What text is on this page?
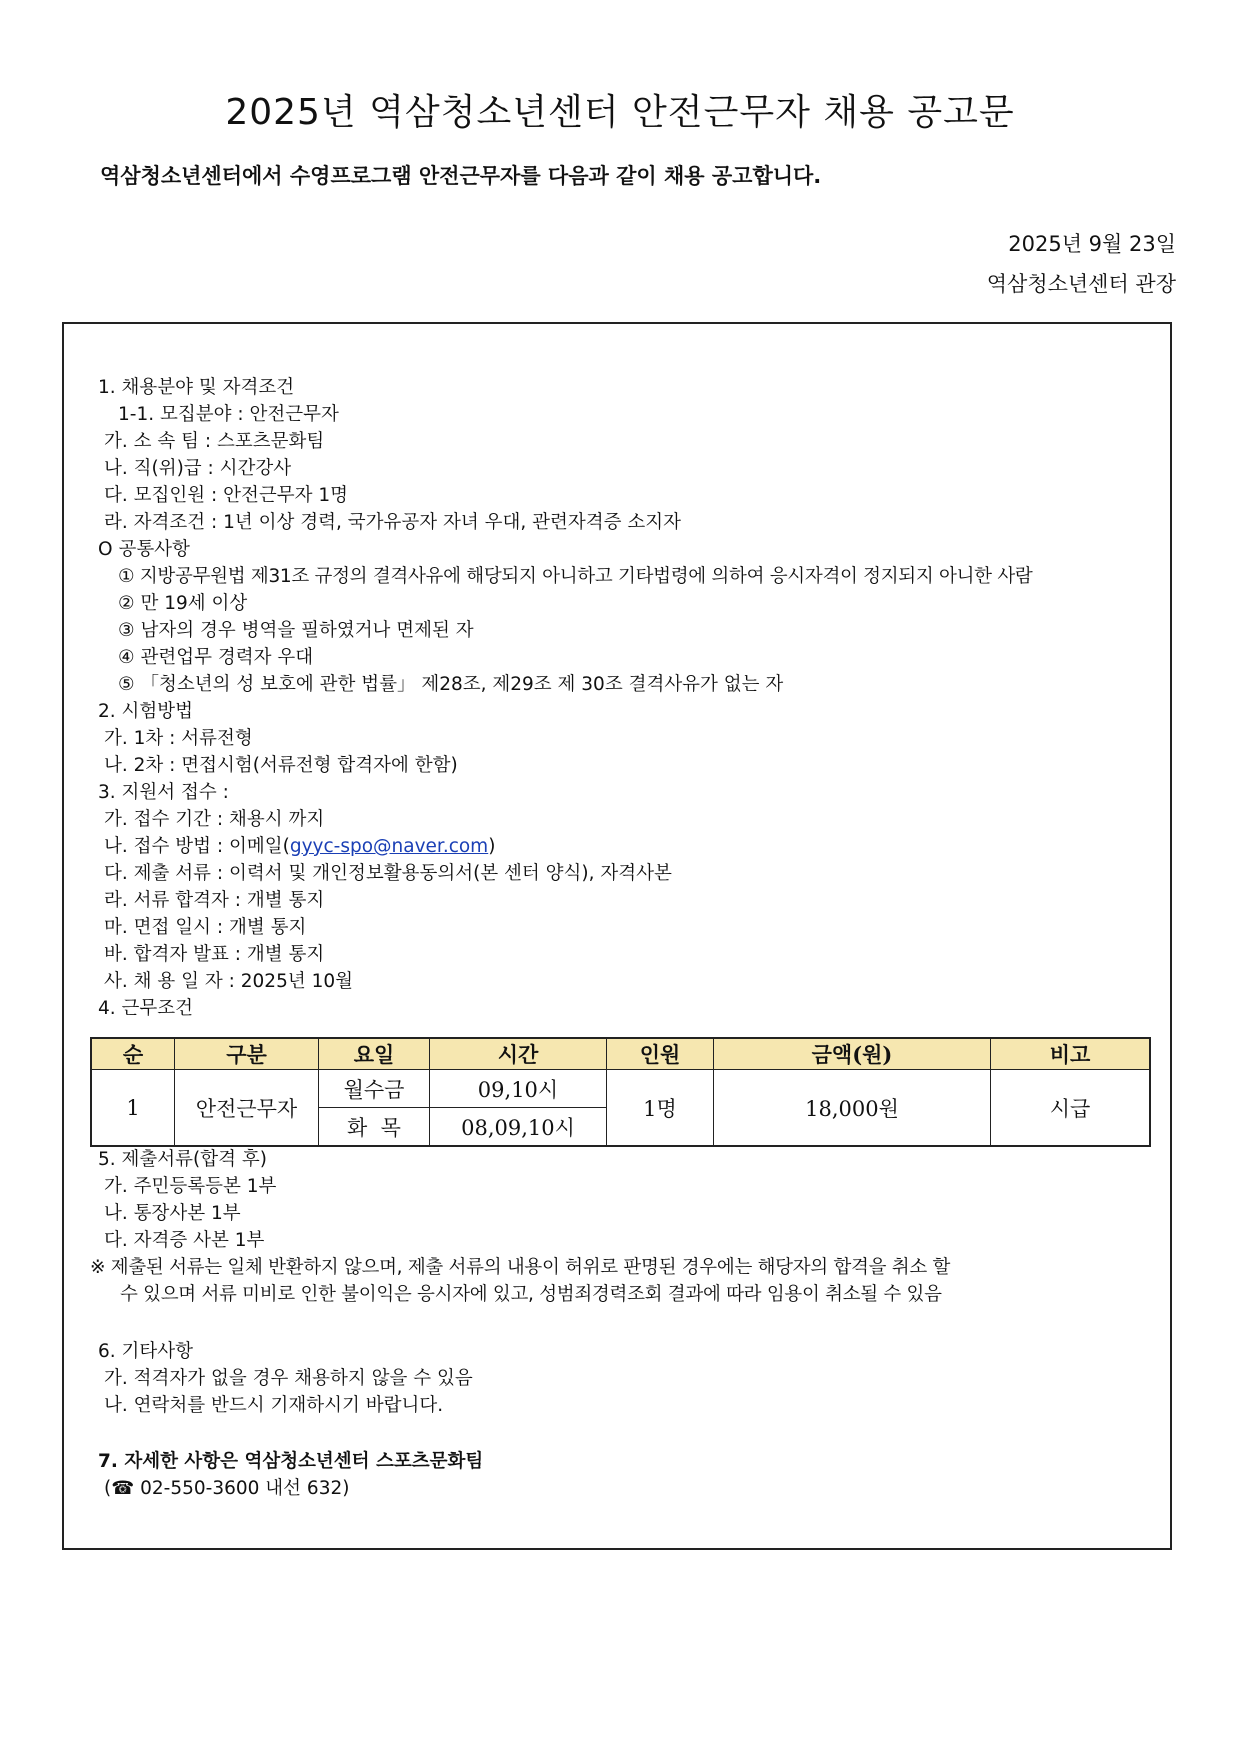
2025년 역삼청소년센터 안전근무자 채용 공고문
역삼청소년센터에서 수영프로그램 안전근무자를 다음과 같이 채용 공고합니다.
2025년 9월 23일
역삼청소년센터 관장
1. 채용분야 및 자격조건
1-1. 모집분야 : 안전근무자
가. 소 속 팀 : 스포츠문화팀
나. 직(위)급 : 시간강사
다. 모집인원 : 안전근무자 1명
라. 자격조건 : 1년 이상 경력, 국가유공자 자녀 우대, 관련자격증 소지자
O 공통사항
① 지방공무원법 제31조 규정의 결격사유에 해당되지 아니하고 기타법령에 의하여 응시자격이 정지되지 아니한 사람
② 만 19세 이상
③ 남자의 경우 병역을 필하였거나 면제된 자
④ 관련업무 경력자 우대
⑤ 「청소년의 성 보호에 관한 법률」 제28조, 제29조 제 30조 결격사유가 없는 자
2. 시험방법
가. 1차 : 서류전형
나. 2차 : 면접시험(서류전형 합격자에 한함)
3. 지원서 접수 :
가. 접수 기간 : 채용시 까지
나. 접수 방법 : 이메일(gyyc-spo@naver.com)
다. 제출 서류 : 이력서 및 개인정보활용동의서(본 센터 양식), 자격사본
라. 서류 합격자 : 개별 통지
마. 면접 일시 : 개별 통지
바. 합격자 발표 : 개별 통지
사. 채 용 일 자 : 2025년 10월
4. 근무조건
순	구분	요일	시간	인원	금액(원)	비고
1	안전근무자	월수금	09,10시	1명	18,000원	시급
		화  목	08,09,10시			
5. 제출서류(합격 후)
가. 주민등록등본 1부
나. 통장사본 1부
다. 자격증 사본 1부
※ 제출된 서류는 일체 반환하지 않으며, 제출 서류의 내용이 허위로 판명된 경우에는 해당자의 합격을 취소 할
수 있으며 서류 미비로 인한 불이익은 응시자에 있고, 성범죄경력조회 결과에 따라 임용이 취소될 수 있음
6. 기타사항
가. 적격자가 없을 경우 채용하지 않을 수 있음
나. 연락처를 반드시 기재하시기 바랍니다.
7. 자세한 사항은 역삼청소년센터 스포츠문화팀
(☎ 02-550-3600 내선 632)
